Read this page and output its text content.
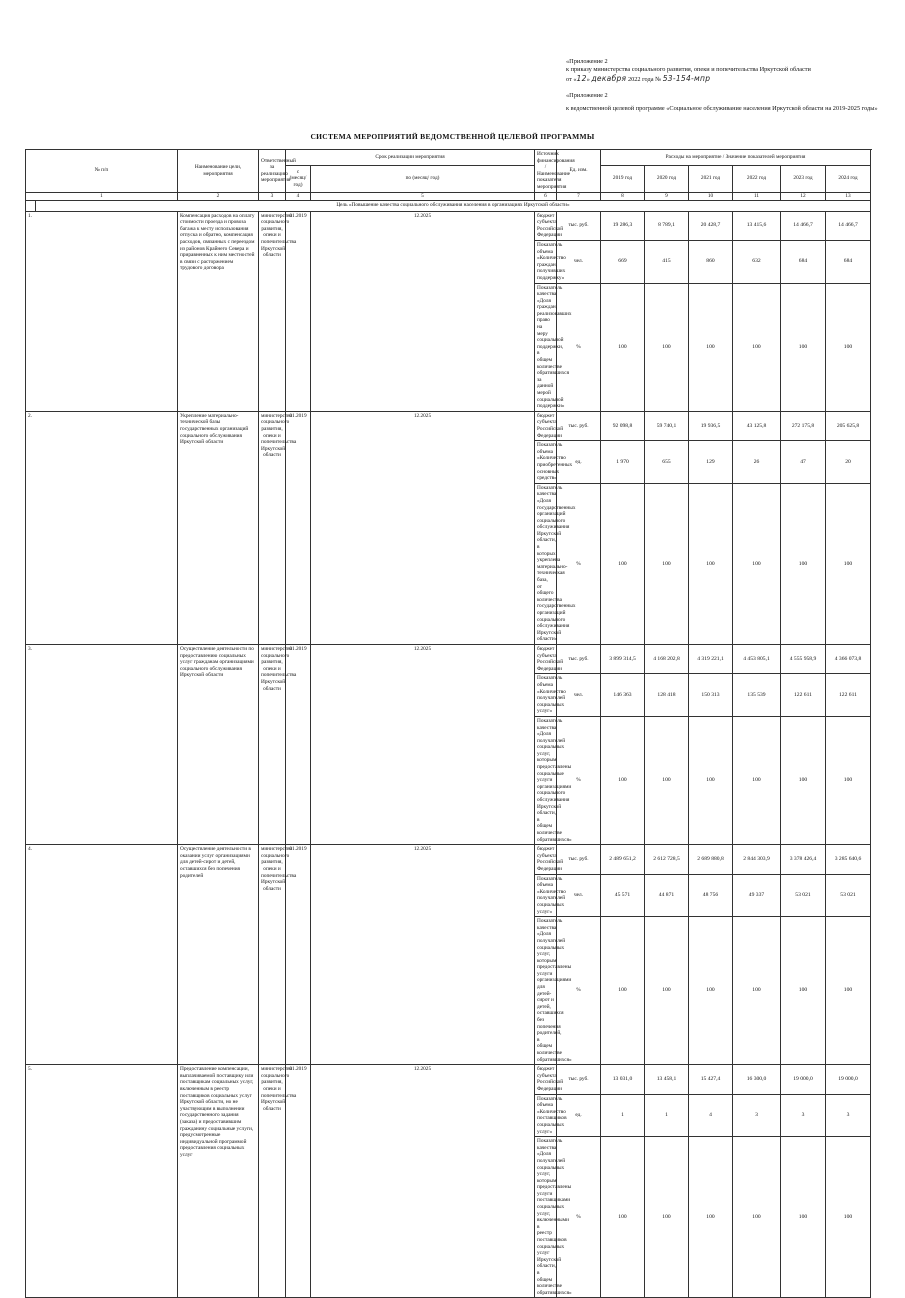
«Приложение 2
к приказу министерства социального развития, опеки и попечительства Иркутской области
от «12» декабря 2022 года № 53-154-мпр
«Приложение 2
к ведомственной целевой программе «Социальное обслуживание населения Иркутской области на 2019-2025 годы»
СИСТЕМА МЕРОПРИЯТИЙ ВЕДОМСТВЕННОЙ ЦЕЛЕВОЙ ПРОГРАММЫ
№ п/п		Наименование цели, мероприятия	Ответственный за реализацию мероприятия	Срок реализации мероприятия		Источник финансирования / Наименование показателя мероприятия	Ед. изм.	Расходы на мероприятие / Значение показателей мероприятия						
				с (месяц/ год)	по (месяц/ год)			2019 год	2020 год	2021 год	2022 год	2023 год	2024 год	
1		2	3	4	5	6	7	8	9	10	11	12	13	
	Цель «Повышение качества социального обслуживания населения в организациях Иркутской области»													
1.		Компенсация расходов на оплату стоимости проезда и провоза багажа к месту использования отпуска и обратно, компенсация расходов, связанных с переездом из районов Крайнего Севера и приравненных к ним местностей в связи с расторжением трудового договора	министерство социального развития, опеки и попечительства Иркутской области	01.2019	12.2025	бюджет субъекта Российской Федерации	тыс. руб.	19 286,3	8 789,1	20 428,7	13 415,6	14 466,7	14 466,7	
						Показатель объема «Количество граждан, получивших поддержку»	чел.	669	415	860	632	684	684	
						Показатель качества «Доля граждан, реализовавших право на меру социальной поддержки, в общем количестве обратившихся за данной мерой социальной поддержки»	%	100	100	100	100	100	100	
2.		Укрепление материально-технической базы государственных организаций социального обслуживания Иркутской области	министерство социального развития, опеки и попечительства Иркутской области	01.2019	12.2025	бюджет субъекта Российской Федерации	тыс. руб.	92 098,8	59 740,1	19 936,5	43 125,8	272 175,8	205 625,8	
						Показатель объема «Количество приобретенных основных средств»	ед.	1 970	655	129	26	47	20	
						Показатель качества «Доля государственных организаций социального обслуживания Иркутской области, в которых укреплена материально-техническая база, от общего количества государственных организаций социального обслуживания Иркутской области»	%	100	100	100	100	100	100	
3.		Осуществление деятельности по предоставлению социальных услуг гражданам организациями социального обслуживания Иркутской области	министерство социального развития, опеки и попечительства Иркутской области	01.2019	12.2025	бюджет субъекта Российской Федерации	тыс. руб.	3 899 314,5	4 168 202,8	4 319 221,1	4 453 805,1	4 555 958,9	4 366 073,8	
						Показатель объема «Количество получателей социальных услуг»	чел.	146 363	128 418	150 313	135 539	122 611	122 611	
						Показатель качества «Доля получателей социальных услуг, которым предоставлены социальные услуги организациями социального обслуживания Иркутской области, в общем количестве обратившихся»	%	100	100	100	100	100	100	
4.		Осуществление деятельности в оказании услуг организациями для детей-сирот и детей, оставшихся без попечения родителей	министерство социального развития, опеки и попечительства Иркутской области	01.2019	12.2025	бюджет субъекта Российской Федерации	тыс. руб.	2 489 651,2	2 612 728,5	2 689 880,8	2 844 303,9	3 378 426,4	3 285 640,6	
						Показатель объема «Количество получателей социальных услуг»	чел.	45 571	44 871	48 756	49 337	53 021	53 021	
						Показатель качества «Доля получателей социальных услуг, которым предоставлены услуги организациями для детей-сирот и детей, оставшихся без попечения родителей, в общем количестве обратившихся»	%	100	100	100	100	100	100	
5.		Предоставление компенсации, выплачиваемой поставщику или поставщикам социальных услуг, включенным в реестр поставщиков социальных услуг Иркутской области, но не участвующим в выполнении государственного задания (заказа) и предоставившим гражданину социальные услуги, предусмотренные индивидуальной программой предоставления социальных услуг	министерство социального развития, опеки и попечительства Иркутской области	01.2019	12.2025	бюджет субъекта Российской Федерации	тыс. руб.	13 031,0	13 458,1	15 427,4	16 300,0	19 000,0	19 000,0	
						Показатель объема «Количество поставщиков социальных услуг»	ед.	1	1	4	3	3	3	
						Показатель качества «Доля получателей социальных услуг, которым предоставлены услуги поставщиками социальных услуг, включенными в реестр поставщиков социальных услуг Иркутской области, в общем количестве обратившихся»	%	100	100	100	100	100	100	
